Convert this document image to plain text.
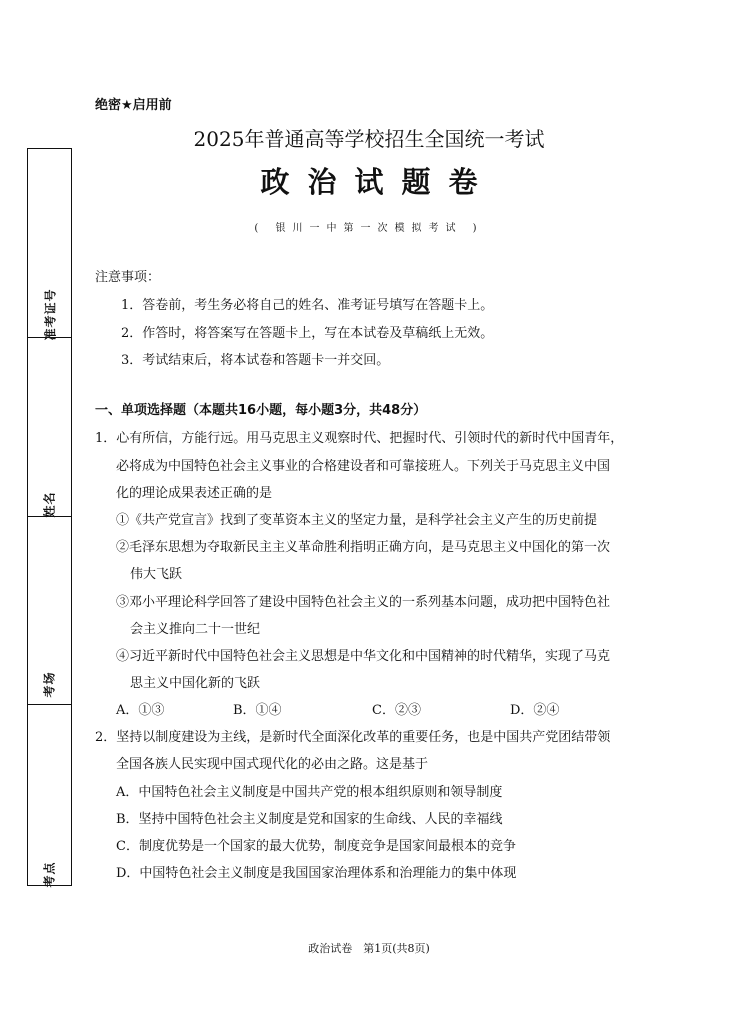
准考证号
姓名
考场
考点
绝密★启用前
2025年普通高等学校招生全国统一考试
政治试题卷
( 银川一中第一次模拟考试 )
注意事项：
1．答卷前，考生务必将自己的姓名、准考证号填写在答题卡上。
2．作答时，将答案写在答题卡上，写在本试卷及草稿纸上无效。
3．考试结束后，将本试卷和答题卡一并交回。
一、单项选择题（本题共16小题，每小题3分，共48分）
1．心有所信，方能行远。用马克思主义观察时代、把握时代、引领时代的新时代中国青年，
必将成为中国特色社会主义事业的合格建设者和可靠接班人。下列关于马克思主义中国
化的理论成果表述正确的是
①《共产党宣言》找到了变革资本主义的坚定力量，是科学社会主义产生的历史前提
②毛泽东思想为夺取新民主主义革命胜利指明正确方向，是马克思主义中国化的第一次
伟大飞跃
③邓小平理论科学回答了建设中国特色社会主义的一系列基本问题，成功把中国特色社
会主义推向二十一世纪
④习近平新时代中国特色社会主义思想是中华文化和中国精神的时代精华，实现了马克
思主义中国化新的飞跃
A．①③	B．①④	C．②③	D．②④
2．坚持以制度建设为主线，是新时代全面深化改革的重要任务，也是中国共产党团结带领
全国各族人民实现中国式现代化的必由之路。这是基于
A．中国特色社会主义制度是中国共产党的根本组织原则和领导制度
B．坚持中国特色社会主义制度是党和国家的生命线、人民的幸福线
C．制度优势是一个国家的最大优势，制度竞争是国家间最根本的竞争
D．中国特色社会主义制度是我国国家治理体系和治理能力的集中体现
政治试卷　第1页(共8页)
